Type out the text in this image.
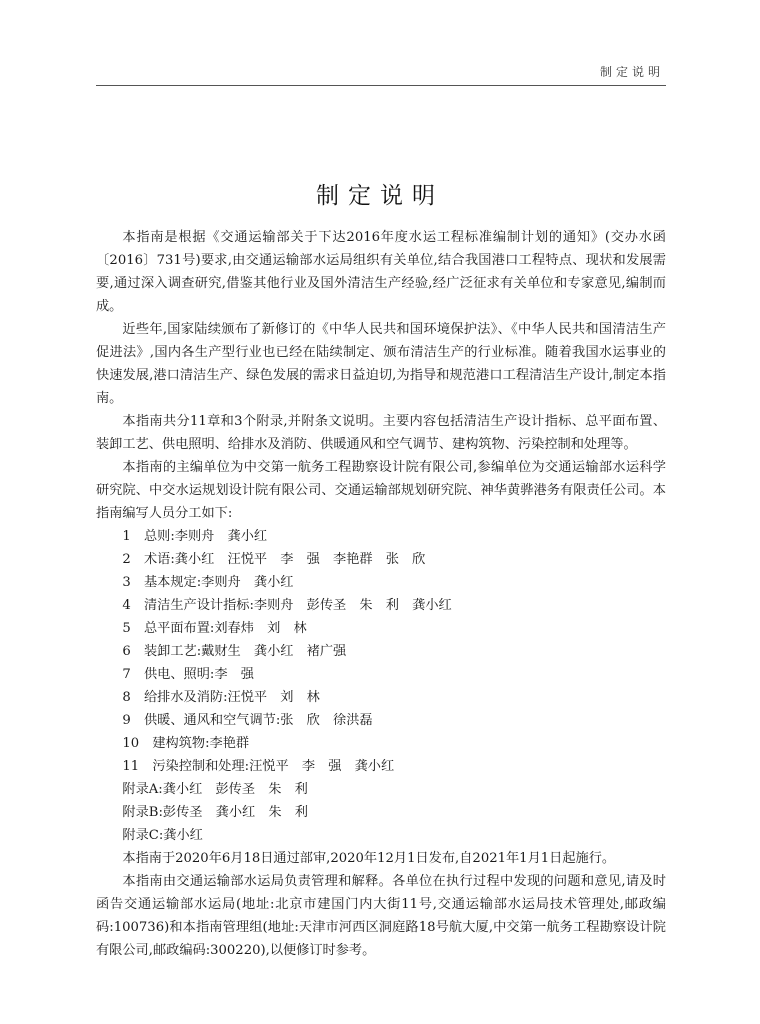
制定说明
制定说明

本指南是根据《交通运输部关于下达2016年度水运工程标准编制计划的通知》(交办水函〔2016〕731号)要求,由交通运输部水运局组织有关单位,结合我国港口工程特点、现状和发展需要,通过深入调查研究,借鉴其他行业及国外清洁生产经验,经广泛征求有关单位和专家意见,编制而成。

近些年,国家陆续颁布了新修订的《中华人民共和国环境保护法》、《中华人民共和国清洁生产促进法》,国内各生产型行业也已经在陆续制定、颁布清洁生产的行业标准。随着我国水运事业的快速发展,港口清洁生产、绿色发展的需求日益迫切,为指导和规范港口工程清洁生产设计,制定本指南。

本指南共分11章和3个附录,并附条文说明。主要内容包括清洁生产设计指标、总平面布置、装卸工艺、供电照明、给排水及消防、供暖通风和空气调节、建构筑物、污染控制和处理等。

本指南的主编单位为中交第一航务工程勘察设计院有限公司,参编单位为交通运输部水运科学研究院、中交水运规划设计院有限公司、交通运输部规划研究院、神华黄骅港务有限责任公司。本指南编写人员分工如下:

1　总则:李则舟　龚小红

2　术语:龚小红　汪悦平　李　强　李艳群　张　欣

3　基本规定:李则舟　龚小红

4　清洁生产设计指标:李则舟　彭传圣　朱　利　龚小红

5　总平面布置:刘春炜　刘　林

6　装卸工艺:戴财生　龚小红　褚广强

7　供电、照明:李　强

8　给排水及消防:汪悦平　刘　林

9　供暖、通风和空气调节:张　欣　徐洪磊

10　建构筑物:李艳群

11　污染控制和处理:汪悦平　李　强　龚小红

附录A:龚小红　彭传圣　朱　利

附录B:彭传圣　龚小红　朱　利

附录C:龚小红

本指南于2020年6月18日通过部审,2020年12月1日发布,自2021年1月1日起施行。

本指南由交通运输部水运局负责管理和解释。各单位在执行过程中发现的问题和意见,请及时函告交通运输部水运局(地址:北京市建国门内大街11号,交通运输部水运局技术管理处,邮政编码:100736)和本指南管理组(地址:天津市河西区洞庭路18号航大厦,中交第一航务工程勘察设计院有限公司,邮政编码:300220),以便修订时参考。
